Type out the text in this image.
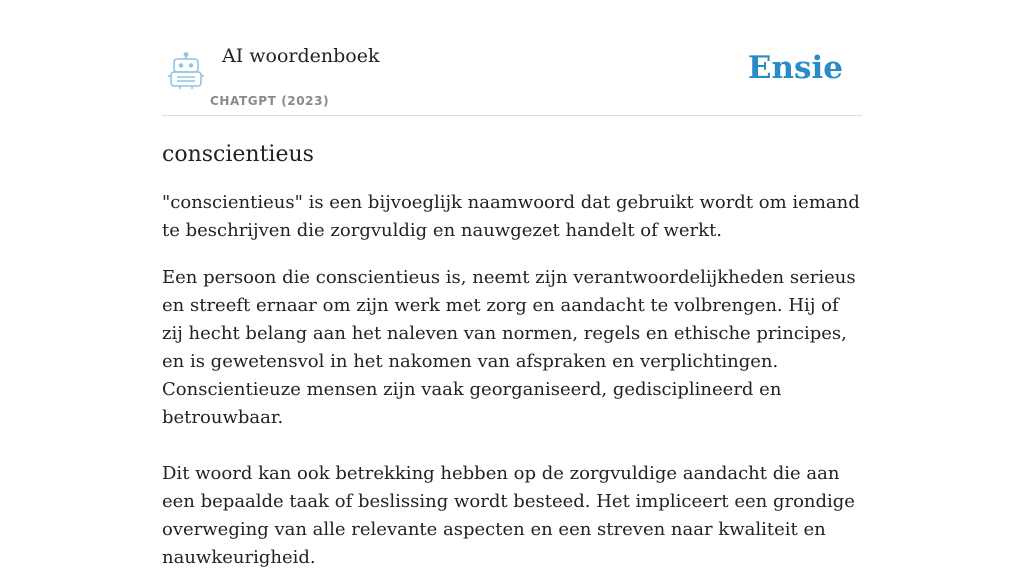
AI woordenboek
CHATGPT (2023)
Ensie
conscientieus

"conscientieus" is een bijvoeglijk naamwoord dat gebruikt wordt om iemand te beschrijven die zorgvuldig en nauwgezet handelt of werkt.

Een persoon die conscientieus is, neemt zijn verantwoordelijkheden serieus en streeft ernaar om zijn werk met zorg en aandacht te volbrengen. Hij of zij hecht belang aan het naleven van normen, regels en ethische principes, en is gewetensvol in het nakomen van afspraken en verplichtingen. Conscientieuze mensen zijn vaak georganiseerd, gedisciplineerd en betrouwbaar.

Dit woord kan ook betrekking hebben op de zorgvuldige aandacht die aan een bepaalde taak of beslissing wordt besteed. Het impliceert een grondige overweging van alle relevante aspecten en een streven naar kwaliteit en nauwkeurigheid.
